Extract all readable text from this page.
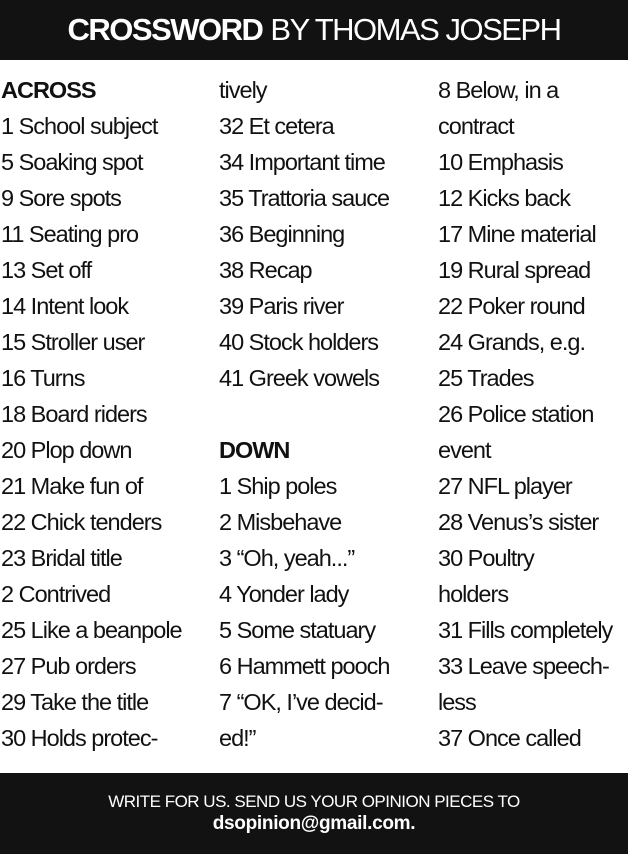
CROSSWORD BY THOMAS JOSEPH
ACROSS
1 School subject
5 Soaking spot
9 Sore spots
11 Seating pro
13 Set off
14 Intent look
15 Stroller user
16 Turns
18 Board riders
20 Plop down
21 Make fun of
22 Chick tenders
23 Bridal title
2 Contrived
25 Like a beanpole
27 Pub orders
29 Take the title
30 Holds protec-
tively
32 Et cetera
34 Important time
35 Trattoria sauce
36 Beginning
38 Recap
39 Paris river
40 Stock holders
41 Greek vowels
DOWN
1 Ship poles
2 Misbehave
3 “Oh, yeah...”
4 Yonder lady
5 Some statuary
6 Hammett pooch
7 “OK, I’ve decid-
ed!”
8 Below, in a
contract
10 Emphasis
12 Kicks back
17 Mine material
19 Rural spread
22 Poker round
24 Grands, e.g.
25 Trades
26 Police station
event
27 NFL player
28 Venus’s sister
30 Poultry
holders
31 Fills completely
33 Leave speech-
less
37 Once called
WRITE FOR US. SEND US YOUR OPINION PIECES TO
dsopinion@gmail.com.
